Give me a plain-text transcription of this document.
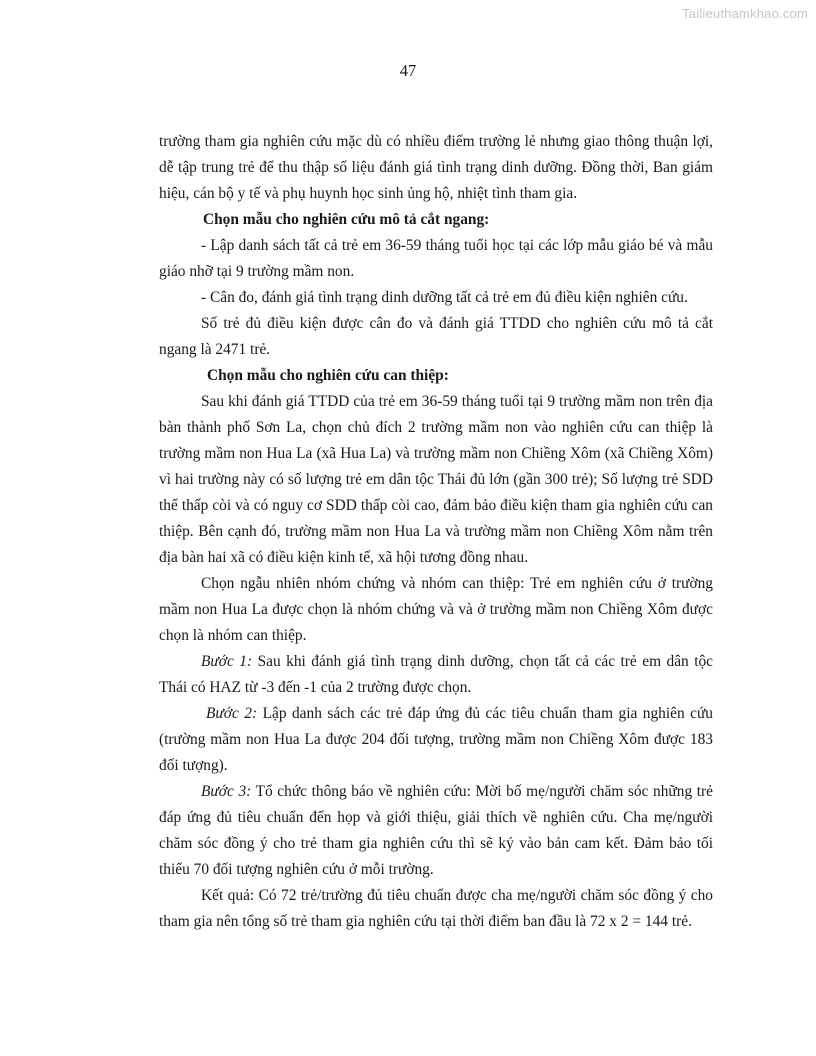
Tailieuthamkhao.com
47

trường tham gia nghiên cứu mặc dù có nhiều điểm trường lẻ nhưng giao thông thuận lợi, dễ tập trung trẻ để thu thập số liệu đánh giá tình trạng dinh dưỡng. Đồng thời, Ban giám hiệu, cán bộ y tế và phụ huynh học sinh ủng hộ, nhiệt tình tham gia.

Chọn mẫu cho nghiên cứu mô tả cắt ngang:

- Lập danh sách tất cả trẻ em 36-59 tháng tuổi học tại các lớp mẫu giáo bé và mẫu giáo nhỡ tại 9 trường mầm non.

- Cân đo, đánh giá tình trạng dinh dưỡng tất cả trẻ em đủ điều kiện nghiên cứu.

Số trẻ đủ điều kiện được cân đo và đánh giá TTDD cho nghiên cứu mô tả cắt ngang là 2471 trẻ.

Chọn mẫu cho nghiên cứu can thiệp:

Sau khi đánh giá TTDD của trẻ em 36-59 tháng tuổi tại 9 trường mầm non trên địa bàn thành phố Sơn La, chọn chủ đích 2 trường mầm non vào nghiên cứu can thiệp là trường mầm non Hua La (xã Hua La) và trường mầm non Chiềng Xôm (xã Chiềng Xôm) vì hai trường này có số lượng trẻ em dân tộc Thái đủ lớn (gần 300 trẻ); Số lượng trẻ SDD thể thấp còi và có nguy cơ SDD thấp còi cao, đảm bảo điều kiện tham gia nghiên cứu can thiệp. Bên cạnh đó, trường mầm non Hua La và trường mầm non Chiềng Xôm nằm trên địa bàn hai xã có điều kiện kinh tế, xã hội tương đồng nhau.

Chọn ngẫu nhiên nhóm chứng và nhóm can thiệp: Trẻ em nghiên cứu ở trường mầm non Hua La được chọn là nhóm chứng và và ở trường mầm non Chiềng Xôm được chọn là nhóm can thiệp.

Bước 1: Sau khi đánh giá tình trạng dinh dưỡng, chọn tất cả các trẻ em dân tộc Thái có HAZ từ -3 đến -1 của 2 trường được chọn.

Bước 2: Lập danh sách các trẻ đáp ứng đủ các tiêu chuẩn tham gia nghiên cứu (trường mầm non Hua La được 204 đối tượng, trường mầm non Chiềng Xôm được 183 đối tượng).

Bước 3: Tổ chức thông báo về nghiên cứu: Mời bố mẹ/người chăm sóc những trẻ đáp ứng đủ tiêu chuẩn đến họp và giới thiệu, giải thích về nghiên cứu. Cha mẹ/người chăm sóc đồng ý cho trẻ tham gia nghiên cứu thì sẽ ký vào bản cam kết. Đảm bảo tối thiểu 70 đối tượng nghiên cứu ở mỗi trường.

Kết quả: Có 72 trẻ/trường đủ tiêu chuẩn được cha mẹ/người chăm sóc đồng ý cho tham gia nên tổng số trẻ tham gia nghiên cứu tại thời điểm ban đầu là 72 x 2 = 144 trẻ.
